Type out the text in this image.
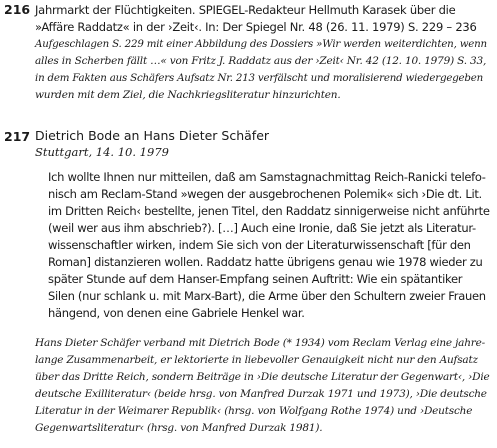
216 Jahrmarkt der Flüchtigkeiten. SPIEGEL-Redakteur Hellmuth Karasek über die
»Affäre Raddatz« in der ›Zeit‹. In: Der Spiegel Nr. 48 (26. 11. 1979) S. 229 – 236
Aufgeschlagen S. 229 mit einer Abbildung des Dossiers »Wir werden weiterdichten, wenn
alles in Scherben fällt …« von Fritz J. Raddatz aus der ›Zeit‹ Nr. 42 (12. 10. 1979) S. 33,
in dem Fakten aus Schäfers Aufsatz Nr. 213 verfälscht und moralisierend wiedergegeben
wurden mit dem Ziel, die Nachkriegsliteratur hinzurichten.
217 Dietrich Bode an Hans Dieter Schäfer
Stuttgart, 14. 10. 1979
Ich wollte Ihnen nur mitteilen, daß am Samstagnachmittag Reich-Ranicki telefo-
nisch am Reclam-Stand »wegen der ausgebrochenen Polemik« sich ›Die dt. Lit.
im Dritten Reich‹ bestellte, jenen Titel, den Raddatz sinnigerweise nicht anführte
(weil wer aus ihm abschrieb?). […] Auch eine Ironie, daß Sie jetzt als Literatur-
wissenschaftler wirken, indem Sie sich von der Literaturwissenschaft [für den
Roman] distanzieren wollen. Raddatz hatte übrigens genau wie 1978 wieder zu
später Stunde auf dem Hanser-Empfang seinen Auftritt: Wie ein spätantiker
Silen (nur schlank u. mit Marx-Bart), die Arme über den Schultern zweier Frauen
hängend, von denen eine Gabriele Henkel war.
Hans Dieter Schäfer verband mit Dietrich Bode (* 1934) vom Reclam Verlag eine jahre-
lange Zusammenarbeit, er lektorierte in liebevoller Genauigkeit nicht nur den Aufsatz
über das Dritte Reich, sondern Beiträge in ›Die deutsche Literatur der Gegenwart‹, ›Die
deutsche Exilliteratur‹ (beide hrsg. von Manfred Durzak 1971 und 1973), ›Die deutsche
Literatur in der Weimarer Republik‹ (hrsg. von Wolfgang Rothe 1974) und ›Deutsche
Gegenwartsliteratur‹ (hrsg. von Manfred Durzak 1981).
